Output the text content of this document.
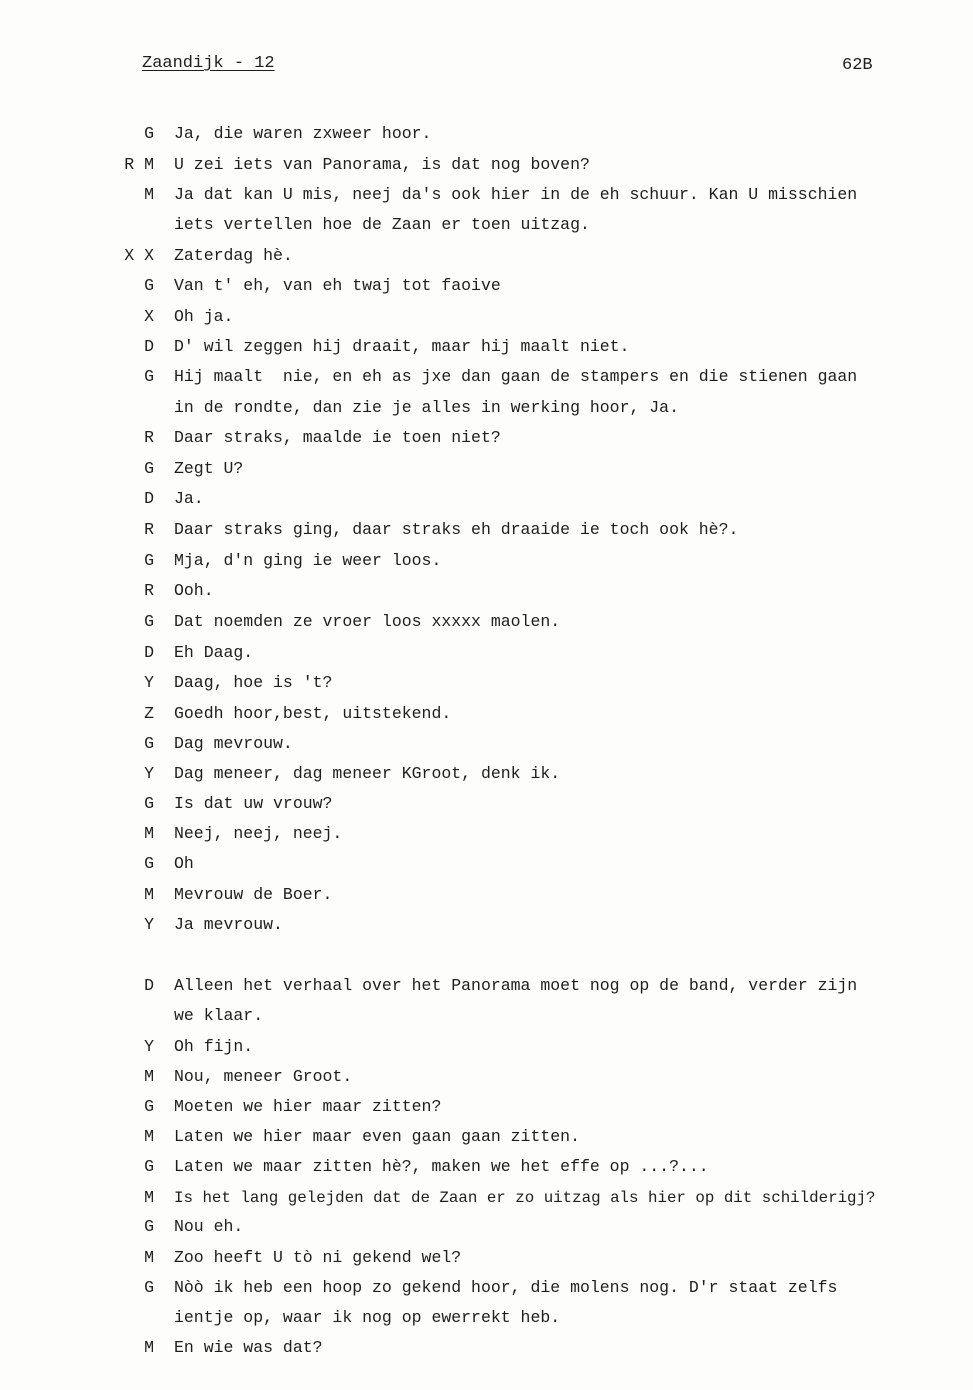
Zaandijk - 12	62B
G Ja, die waren zxweer hoor.
R M U zei iets van Panorama, is dat nog boven?
M Ja dat kan U mis, neej da's ook hier in de eh schuur. Kan U misschien
iets vertellen hoe de Zaan er toen uitzag.
X X Zaterdag hè.
G Van t' eh, van eh twaj tot faoive
X Oh ja.
D D' wil zeggen hij draait, maar hij maalt niet.
G Hij maalt  nie, en eh as jxe dan gaan de stampers en die stienen gaan
in de rondte, dan zie je alles in werking hoor, Ja.
R Daar straks, maalde ie toen niet?
G Zegt U?
D Ja.
R Daar straks ging, daar straks eh draaide ie toch ook hè?.
G Mja, d'n ging ie weer loos.
R Ooh.
G Dat noemden ze vroer loos xxxxx maolen.
D Eh Daag.
Y Daag, hoe is 't?
Z Goedh hoor,best, uitstekend.
G Dag mevrouw.
Y Dag meneer, dag meneer KGroot, denk ik.
G Is dat uw vrouw?
M Neej, neej, neej.
G Oh
M Mevrouw de Boer.
Y Ja mevrouw.
D Alleen het verhaal over het Panorama moet nog op de band, verder zijn
we klaar.
Y Oh fijn.
M Nou, meneer Groot.
G Moeten we hier maar zitten?
M Laten we hier maar even gaan gaan zitten.
G Laten we maar zitten hè?, maken we het effe op ...?...
M Is het lang gelejden dat de Zaan er zo uitzag als hier op dit schilderigj?
G Nou eh.
M Zoo heeft U tò ni gekend wel?
G Nòò ik heb een hoop zo gekend hoor, die molens nog. D'r staat zelfs
ientje op, waar ik nog op ewerrekt heb.
M En wie was dat?
